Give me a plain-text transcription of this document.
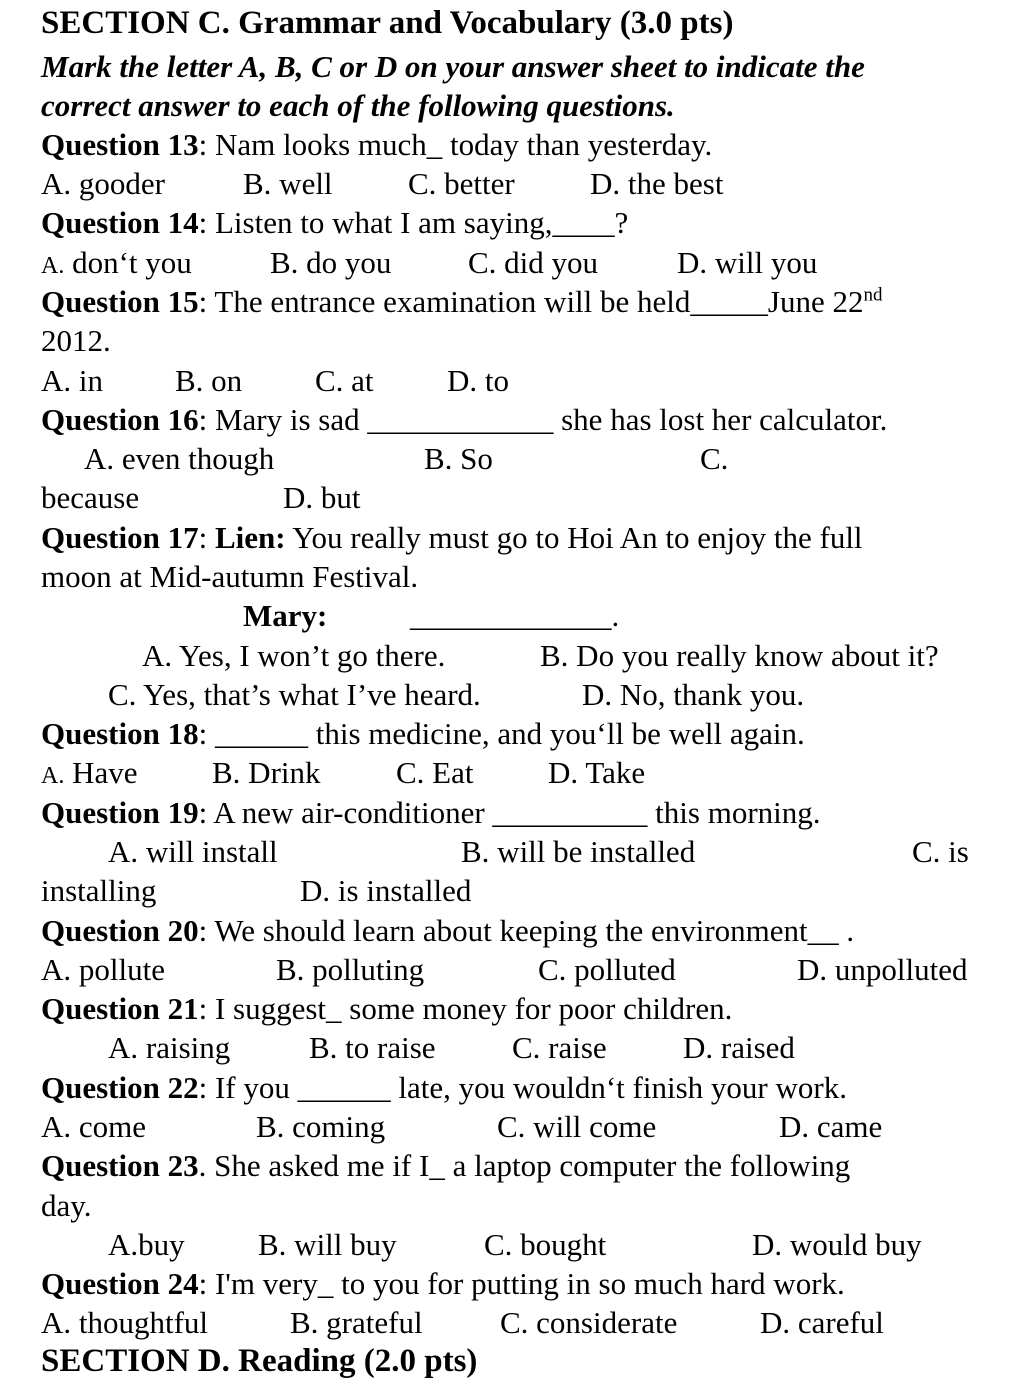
SECTION C. Grammar and Vocabulary (3.0 pts)
Mark the letter A, B, C or D on your answer sheet to indicate the
correct answer to each of the following questions.
Question 13: Nam looks much_ today than yesterday.
A. gooder	B. well C. better D. the best
Question 14: Listen to what I am saying,____?
A. don‘t you	B. do you C. did you	D. will you
Question 15: The entrance examination will be held_____June 22nd
2012.
A. in B. on C. at D. to
Question 16: Mary is sad ____________ she has lost her calculator.
A. even though	B. So	C.
because	D. but
Question 17: Lien: You really must go to Hoi An to enjoy the full
moon at Mid-autumn Festival.
Mary:	_____________.
A. Yes, I won’t go there.	B. Do you really know about it?
C. Yes, that’s what I’ve heard.	D. No, thank you.
Question 18: ______ this medicine, and you‘ll be well again.
A. Have B. Drink C. Eat D. Take
Question 19: A new air-conditioner __________ this morning.
A. will install	B. will be installed	C. is
installing	D. is installed
Question 20: We should learn about keeping the environment__ .
A. pollute	B. polluting	C. polluted	D. unpolluted
Question 21: I suggest_ some money for poor children.
A. raising	B. to raise C. raise D. raised
Question 22: If you ______ late, you wouldn‘t finish your work.
A. come	B. coming	C. will come	D. came
Question 23. She asked me if I_ a laptop computer the following
day.
A.buy B. will buy	C. bought	D. would buy
Question 24: I'm very_ to you for putting in so much hard work.
A. thoughtful	B. grateful C. considerate	D. careful
SECTION D. Reading (2.0 pts)
